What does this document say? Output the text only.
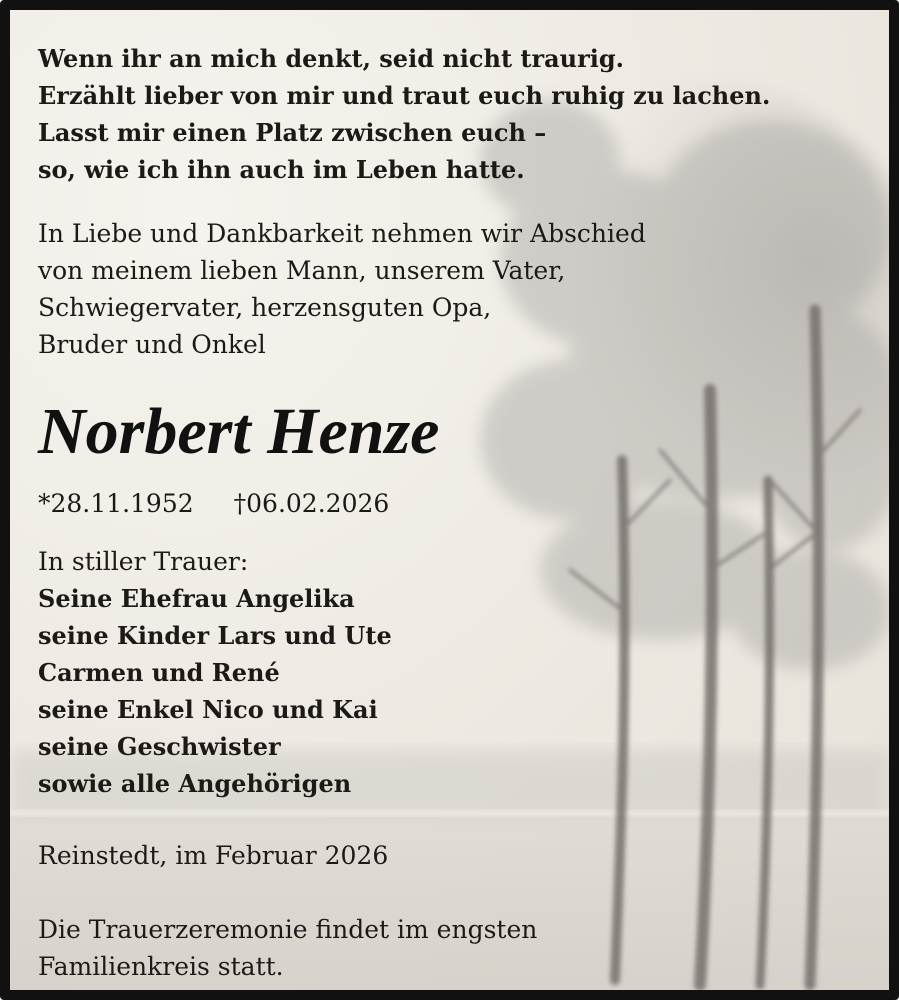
Wenn ihr an mich denkt, seid nicht traurig.
Erzählt lieber von mir und traut euch ruhig zu lachen.
Lasst mir einen Platz zwischen euch –
so, wie ich ihn auch im Leben hatte.
In Liebe und Dankbarkeit nehmen wir Abschied
von meinem lieben Mann, unserem Vater,
Schwiegervater, herzensguten Opa,
Bruder und Onkel
Norbert Henze
*28.11.1952 †06.02.2026
In stiller Trauer:
Seine Ehefrau Angelika
seine Kinder Lars und Ute
Carmen und René
seine Enkel Nico und Kai
seine Geschwister
sowie alle Angehörigen
Reinstedt, im Februar 2026
Die Trauerzeremonie findet im engsten
Familienkreis statt.
